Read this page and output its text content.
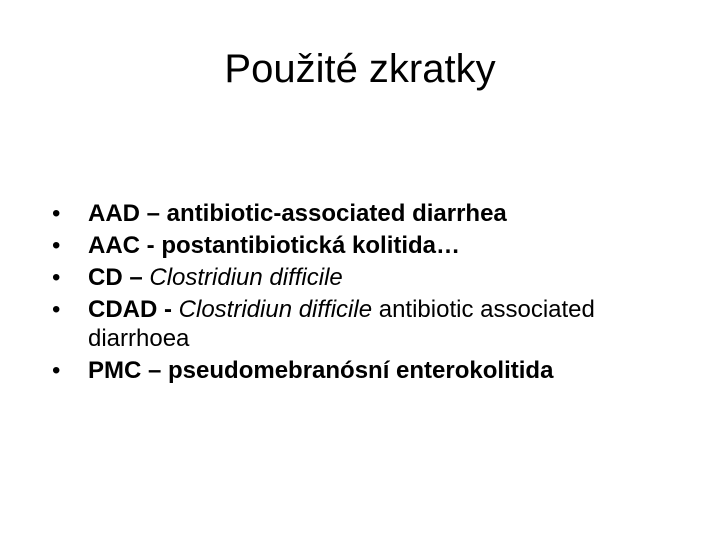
Použité zkratky
• AAD – antibiotic-associated diarrhea
• AAC - postantibiotická kolitida…
• CD – Clostridiun difficile
• CDAD - Clostridiun difficile antibiotic associated diarrhoea
• PMC – pseudomebranósní enterokolitida
